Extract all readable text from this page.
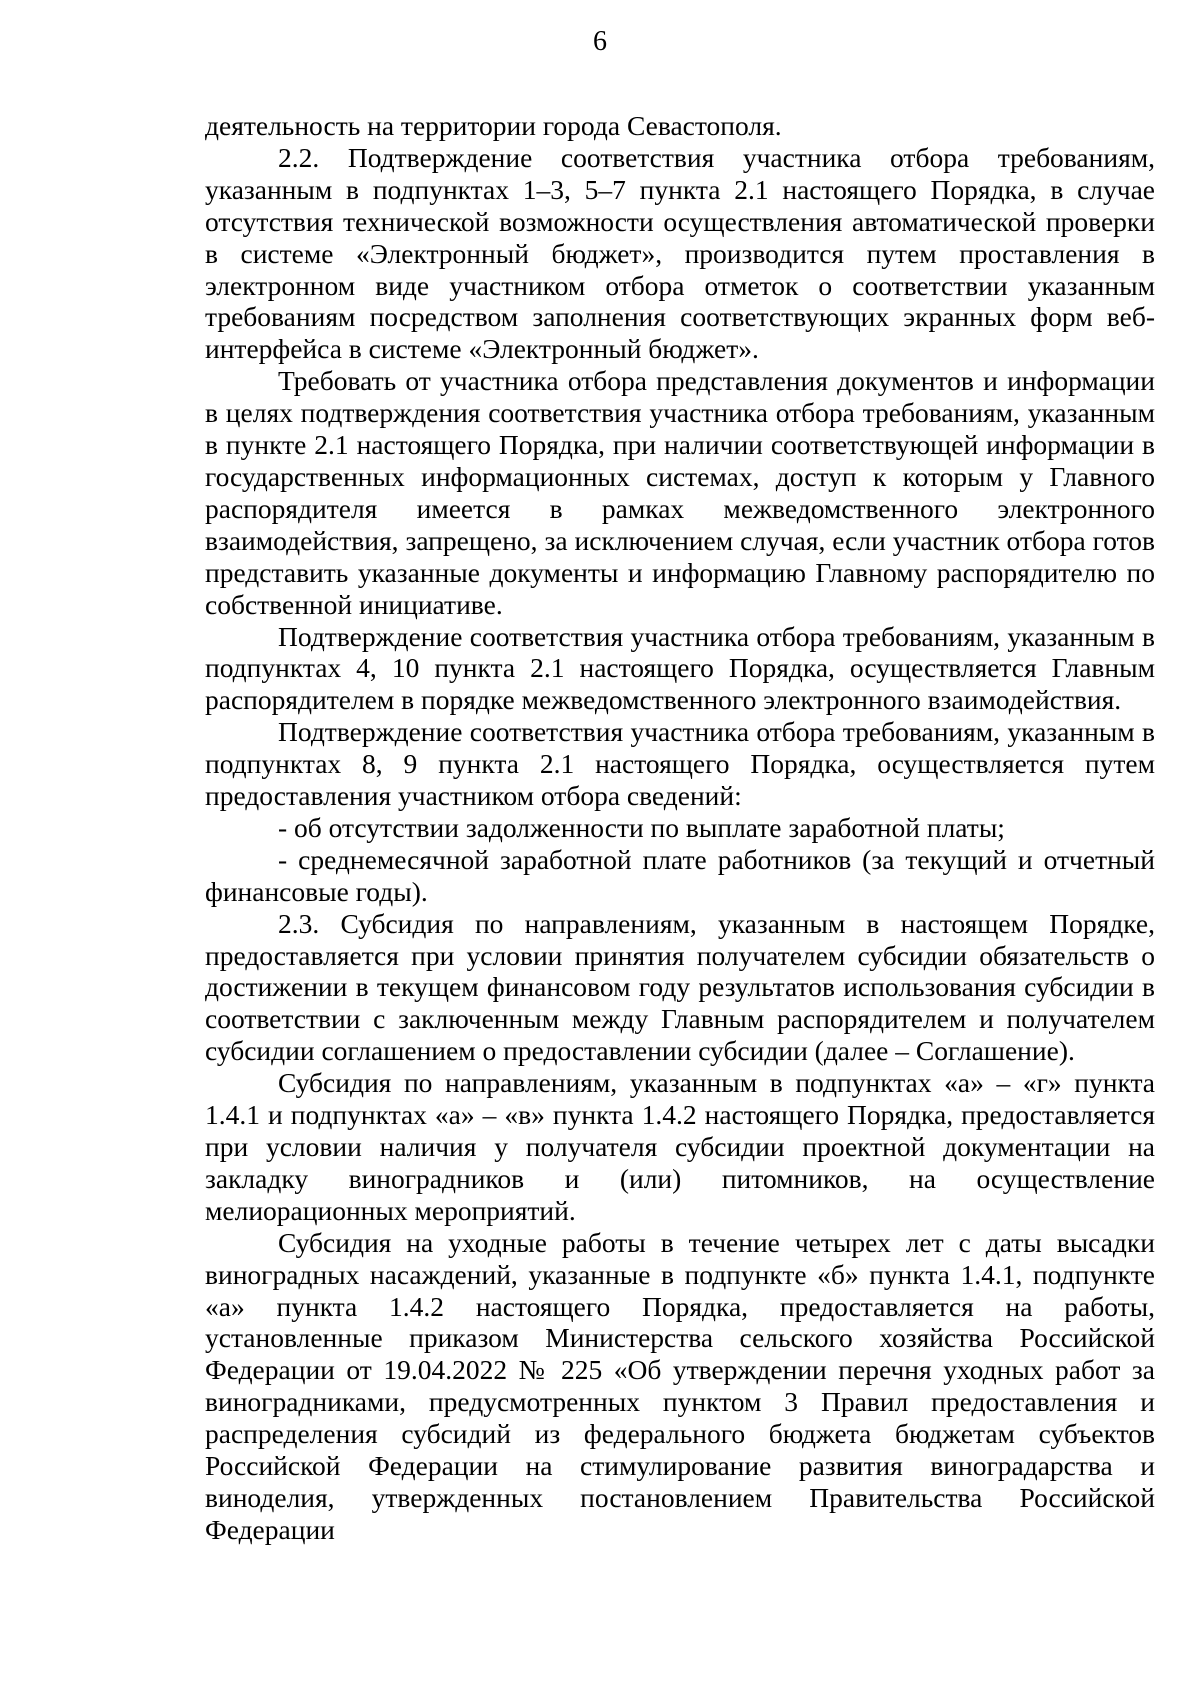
6

деятельность на территории города Севастополя.

2.2. Подтверждение соответствия участника отбора требованиям, указанным в подпунктах 1–3, 5–7 пункта 2.1 настоящего Порядка, в случае отсутствия технической возможности осуществления автоматической проверки в системе «Электронный бюджет», производится путем проставления в электронном виде участником отбора отметок о соответствии указанным требованиям посредством заполнения соответствующих экранных форм веб-интерфейса в системе «Электронный бюджет».

Требовать от участника отбора представления документов и информации в целях подтверждения соответствия участника отбора требованиям, указанным в пункте 2.1 настоящего Порядка, при наличии соответствующей информации в государственных информационных системах, доступ к которым у Главного распорядителя имеется в рамках межведомственного электронного взаимодействия, запрещено, за исключением случая, если участник отбора готов представить указанные документы и информацию Главному распорядителю по собственной инициативе.

Подтверждение соответствия участника отбора требованиям, указанным в подпунктах 4, 10 пункта 2.1 настоящего Порядка, осуществляется Главным распорядителем в порядке межведомственного электронного взаимодействия.

Подтверждение соответствия участника отбора требованиям, указанным в подпунктах 8, 9 пункта 2.1 настоящего Порядка, осуществляется путем предоставления участником отбора сведений:

- об отсутствии задолженности по выплате заработной платы;

- среднемесячной заработной плате работников (за текущий и отчетный финансовые годы).

2.3. Субсидия по направлениям, указанным в настоящем Порядке, предоставляется при условии принятия получателем субсидии обязательств о достижении в текущем финансовом году результатов использования субсидии в соответствии с заключенным между Главным распорядителем и получателем субсидии соглашением о предоставлении субсидии (далее – Соглашение).

Субсидия по направлениям, указанным в подпунктах «а» – «г» пункта 1.4.1 и подпунктах «а» – «в» пункта 1.4.2 настоящего Порядка, предоставляется при условии наличия у получателя субсидии проектной документации на закладку виноградников и (или) питомников, на осуществление мелиорационных мероприятий.

Субсидия на уходные работы в течение четырех лет с даты высадки виноградных насаждений, указанные в подпункте «б» пункта 1.4.1, подпункте «а» пункта 1.4.2 настоящего Порядка, предоставляется на работы, установленные приказом Министерства сельского хозяйства Российской Федерации от 19.04.2022 № 225 «Об утверждении перечня уходных работ за виноградниками, предусмотренных пунктом 3 Правил предоставления и распределения субсидий из федерального бюджета бюджетам субъектов Российской Федерации на стимулирование развития виноградарства и виноделия, утвержденных постановлением Правительства Российской Федерации
